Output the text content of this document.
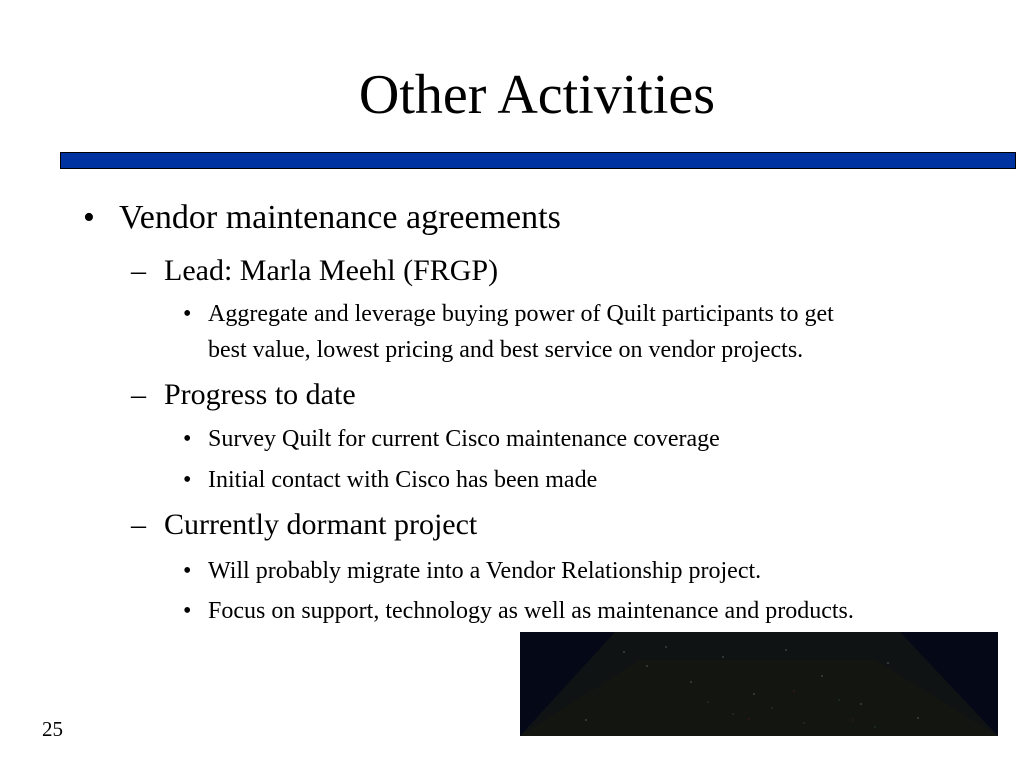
Other Activities
• Vendor maintenance agreements
– Lead: Marla Meehl (FRGP)
• Aggregate and leverage buying power of Quilt participants to get
best value, lowest pricing and best service on vendor projects.
– Progress to date
• Survey Quilt for current Cisco maintenance coverage
• Initial contact with Cisco has been made
– Currently dormant project
• Will probably migrate into a Vendor Relationship project.
• Focus on support, technology as well as maintenance and products.
25
